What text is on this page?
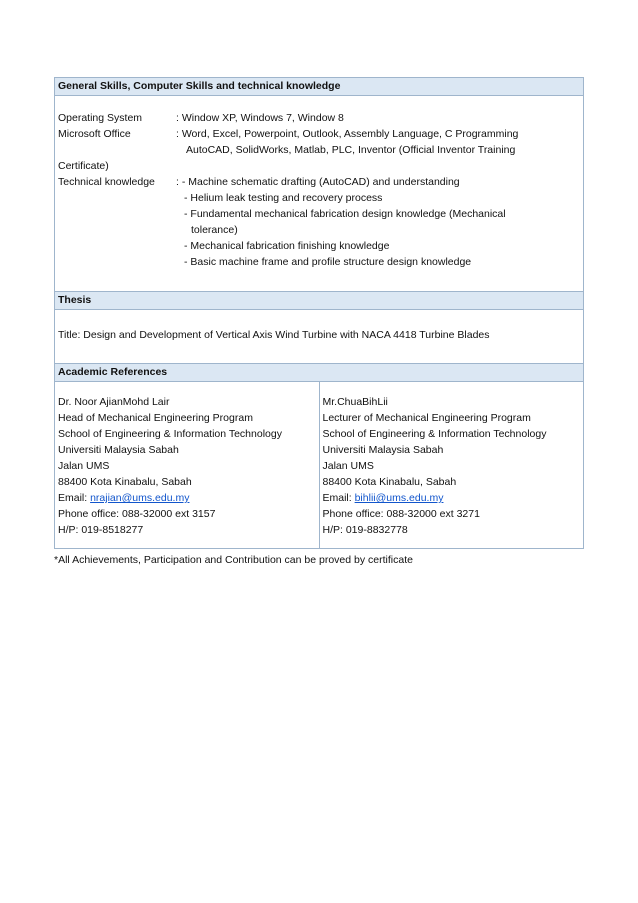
General Skills, Computer Skills and technical knowledge

Operating System	: Window XP, Windows 7, Window 8
Microsoft Office	: Word, Excel, Powerpoint, Outlook, Assembly Language, C Programming
AutoCAD, SolidWorks, Matlab, PLC, Inventor (Official Inventor Training
Certificate)
Technical knowledge	: - Machine schematic drafting (AutoCAD) and understanding
- Helium leak testing and recovery process
- Fundamental mechanical fabrication design knowledge (Mechanical
tolerance)
- Mechanical fabrication finishing knowledge
- Basic machine frame and profile structure design knowledge

Thesis

Title: Design and Development of Vertical Axis Wind Turbine with NACA 4418 Turbine Blades

Academic References

Dr. Noor AjianMohd Lair
Head of Mechanical Engineering Program
School of Engineering & Information Technology
Universiti Malaysia Sabah
Jalan UMS
88400 Kota Kinabalu, Sabah
Email: nrajian@ums.edu.my
Phone office: 088-32000 ext 3157
H/P: 019-8518277

Mr.ChuaBihLii
Lecturer of Mechanical Engineering Program
School of Engineering & Information Technology
Universiti Malaysia Sabah
Jalan UMS
88400 Kota Kinabalu, Sabah
Email: bihlii@ums.edu.my
Phone office: 088-32000 ext 3271
H/P: 019-8832778
*All Achievements, Participation and Contribution can be proved by certificate
